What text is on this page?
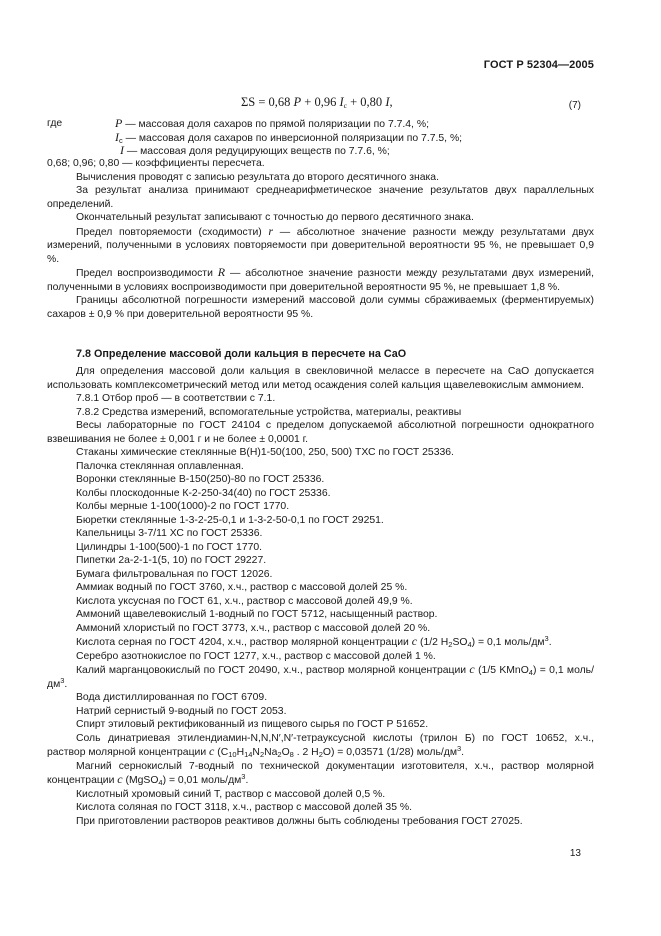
ГОСТ Р 52304—2005
ΣS = 0,68 P + 0,96 $I_c + 0,80$ I,	(7)
где	P — массовая доля сахаров по прямой поляризации по 7.7.4, %;
$I_c$ — массовая доля сахаров по инверсионной поляризации по 7.7.5, %;
I — массовая доля редуцирующих веществ по 7.7.6, %;

0,68; 0,96; 0,80 — коэффициенты пересчета.

Вычисления проводят с записью результата до второго десятичного знака.

За результат анализа принимают среднеарифметическое значение результатов двух параллельных определений.

Окончательный результат записывают с точностью до первого десятичного знака.

Предел повторяемости (сходимости) r — абсолютное значение разности между результатами двух измерений, полученными в условиях повторяемости при доверительной вероятности 95 %, не превышает 0,9 %.

Предел воспроизводимости R — абсолютное значение разности между результатами двух измерений, полученными в условиях воспроизводимости при доверительной вероятности 95 %, не превышает 1,8 %.

Границы абсолютной погрешности измерений массовой доли суммы сбраживаемых (ферментируемых) сахаров ± 0,9 % при доверительной вероятности 95 %.

7.8 Определение массовой доли кальция в пересчете на CaO

Для определения массовой доли кальция в свекловичной мелассе в пересчете на CaO допускается использовать комплексометрический метод или метод осаждения солей кальция щавелевокислым аммонием.

7.8.1 Отбор проб — в соответствии с 7.1.

7.8.2 Средства измерений, вспомогательные устройства, материалы, реактивы

Весы лабораторные по ГОСТ 24104 с пределом допускаемой абсолютной погрешности однократного взвешивания не более ± 0,001 г и не более ± 0,0001 г.

Стаканы химические стеклянные В(Н)1-50(100, 250, 500) ТХС по ГОСТ 25336.

Палочка стеклянная оплавленная.

Воронки стеклянные В-150(250)-80 по ГОСТ 25336.

Колбы плоскодонные К-2-250-34(40) по ГОСТ 25336.

Колбы мерные 1-100(1000)-2 по ГОСТ 1770.

Бюретки стеклянные 1-3-2-25-0,1 и 1-3-2-50-0,1 по ГОСТ 29251.

Капельницы 3-7/11 ХС по ГОСТ 25336.

Цилиндры 1-100(500)-1 по ГОСТ 1770.

Пипетки 2а-2-1-1(5, 10) по ГОСТ 29227.

Бумага фильтровальная по ГОСТ 12026.

Аммиак водный по ГОСТ 3760, х.ч., раствор с массовой долей 25 %.

Кислота уксусная по ГОСТ 61, х.ч., раствор с массовой долей 49,9 %.

Аммоний щавелевокислый 1-водный по ГОСТ 5712, насыщенный раствор.

Аммоний хлористый по ГОСТ 3773, х.ч., раствор с массовой долей 20 %.

Кислота серная по ГОСТ 4204, х.ч., раствор молярной концентрации c (1/2 $H_2SO_4) = 0,1$ моль/$дм^3$.

Серебро азотнокислое по ГОСТ 1277, х.ч., раствор с массовой долей 1 %.

Калий марганцовокислый по ГОСТ 20490, х.ч., раствор молярной концентрации c (1/5 KMnO$_4$) = 0,1 моль/$дм^3$.

Вода дистиллированная по ГОСТ 6709.

Натрий сернистый 9-водный по ГОСТ 2053.

Спирт этиловый ректификованный из пищевого сырья по ГОСТ Р 51652.

Соль динатриевая этилендиамин-N,N,N′,N′-тетрауксусной кислоты (трилон Б) по ГОСТ 10652, х.ч., раствор молярной концентрации c ($C_{10}H_{14}N_2Na_2O_8$ . 2 $H_2O) = 0,03571$ (1/28) моль/$дм^3$.

Магний сернокислый 7-водный по технической документации изготовителя, х.ч., раствор молярной концентрации c (MgSO$_4$) = 0,01 моль/$дм^3$.

Кислотный хромовый синий Т, раствор с массовой долей 0,5 %.

Кислота соляная по ГОСТ 3118, х.ч., раствор с массовой долей 35 %.

При приготовлении растворов реактивов должны быть соблюдены требования ГОСТ 27025.

13
